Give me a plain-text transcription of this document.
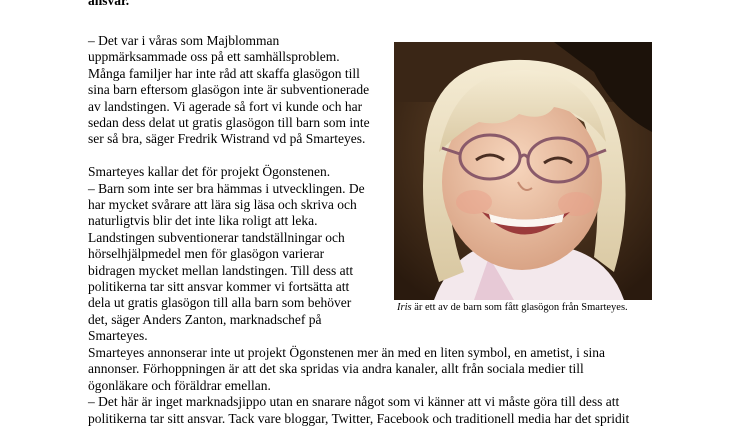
ansvar.

– Det var i våras som Majblomman
uppmärksammade oss på ett samhällsproblem.
Många familjer har inte råd att skaffa glasögon till
sina barn eftersom glasögon inte är subventionerade
av landstingen. Vi agerade så fort vi kunde och har
sedan dess delat ut gratis glasögon till barn som inte
ser så bra, säger Fredrik Wistrand vd på Smarteyes.

Smarteyes kallar det för projekt Ögonstenen.
– Barn som inte ser bra hämmas i utvecklingen. De
har mycket svårare att lära sig läsa och skriva och
naturligtvis blir det inte lika roligt att leka.
Landstingen subventionerar tandställningar och
hörselhjälpmedel men för glasögon varierar
bidragen mycket mellan landstingen. Till dess att
politikerna tar sitt ansvar kommer vi fortsätta att
dela ut gratis glasögon till alla barn som behöver
det, säger Anders Zanton, marknadschef på
Smarteyes.

Iris är ett av de barn som fått glasögon från Smarteyes.
Smarteyes annonserar inte ut projekt Ögonstenen mer än med en liten symbol, en ametist, i sina
annonser. Förhoppningen är att det ska spridas via andra kanaler, allt från sociala medier till
ögonläkare och föräldrar emellan.
– Det här är inget marknadsjippo utan en snarare något som vi känner att vi måste göra till dess att
politikerna tar sitt ansvar. Tack vare bloggar, Twitter, Facebook och traditionell media har det spridit
